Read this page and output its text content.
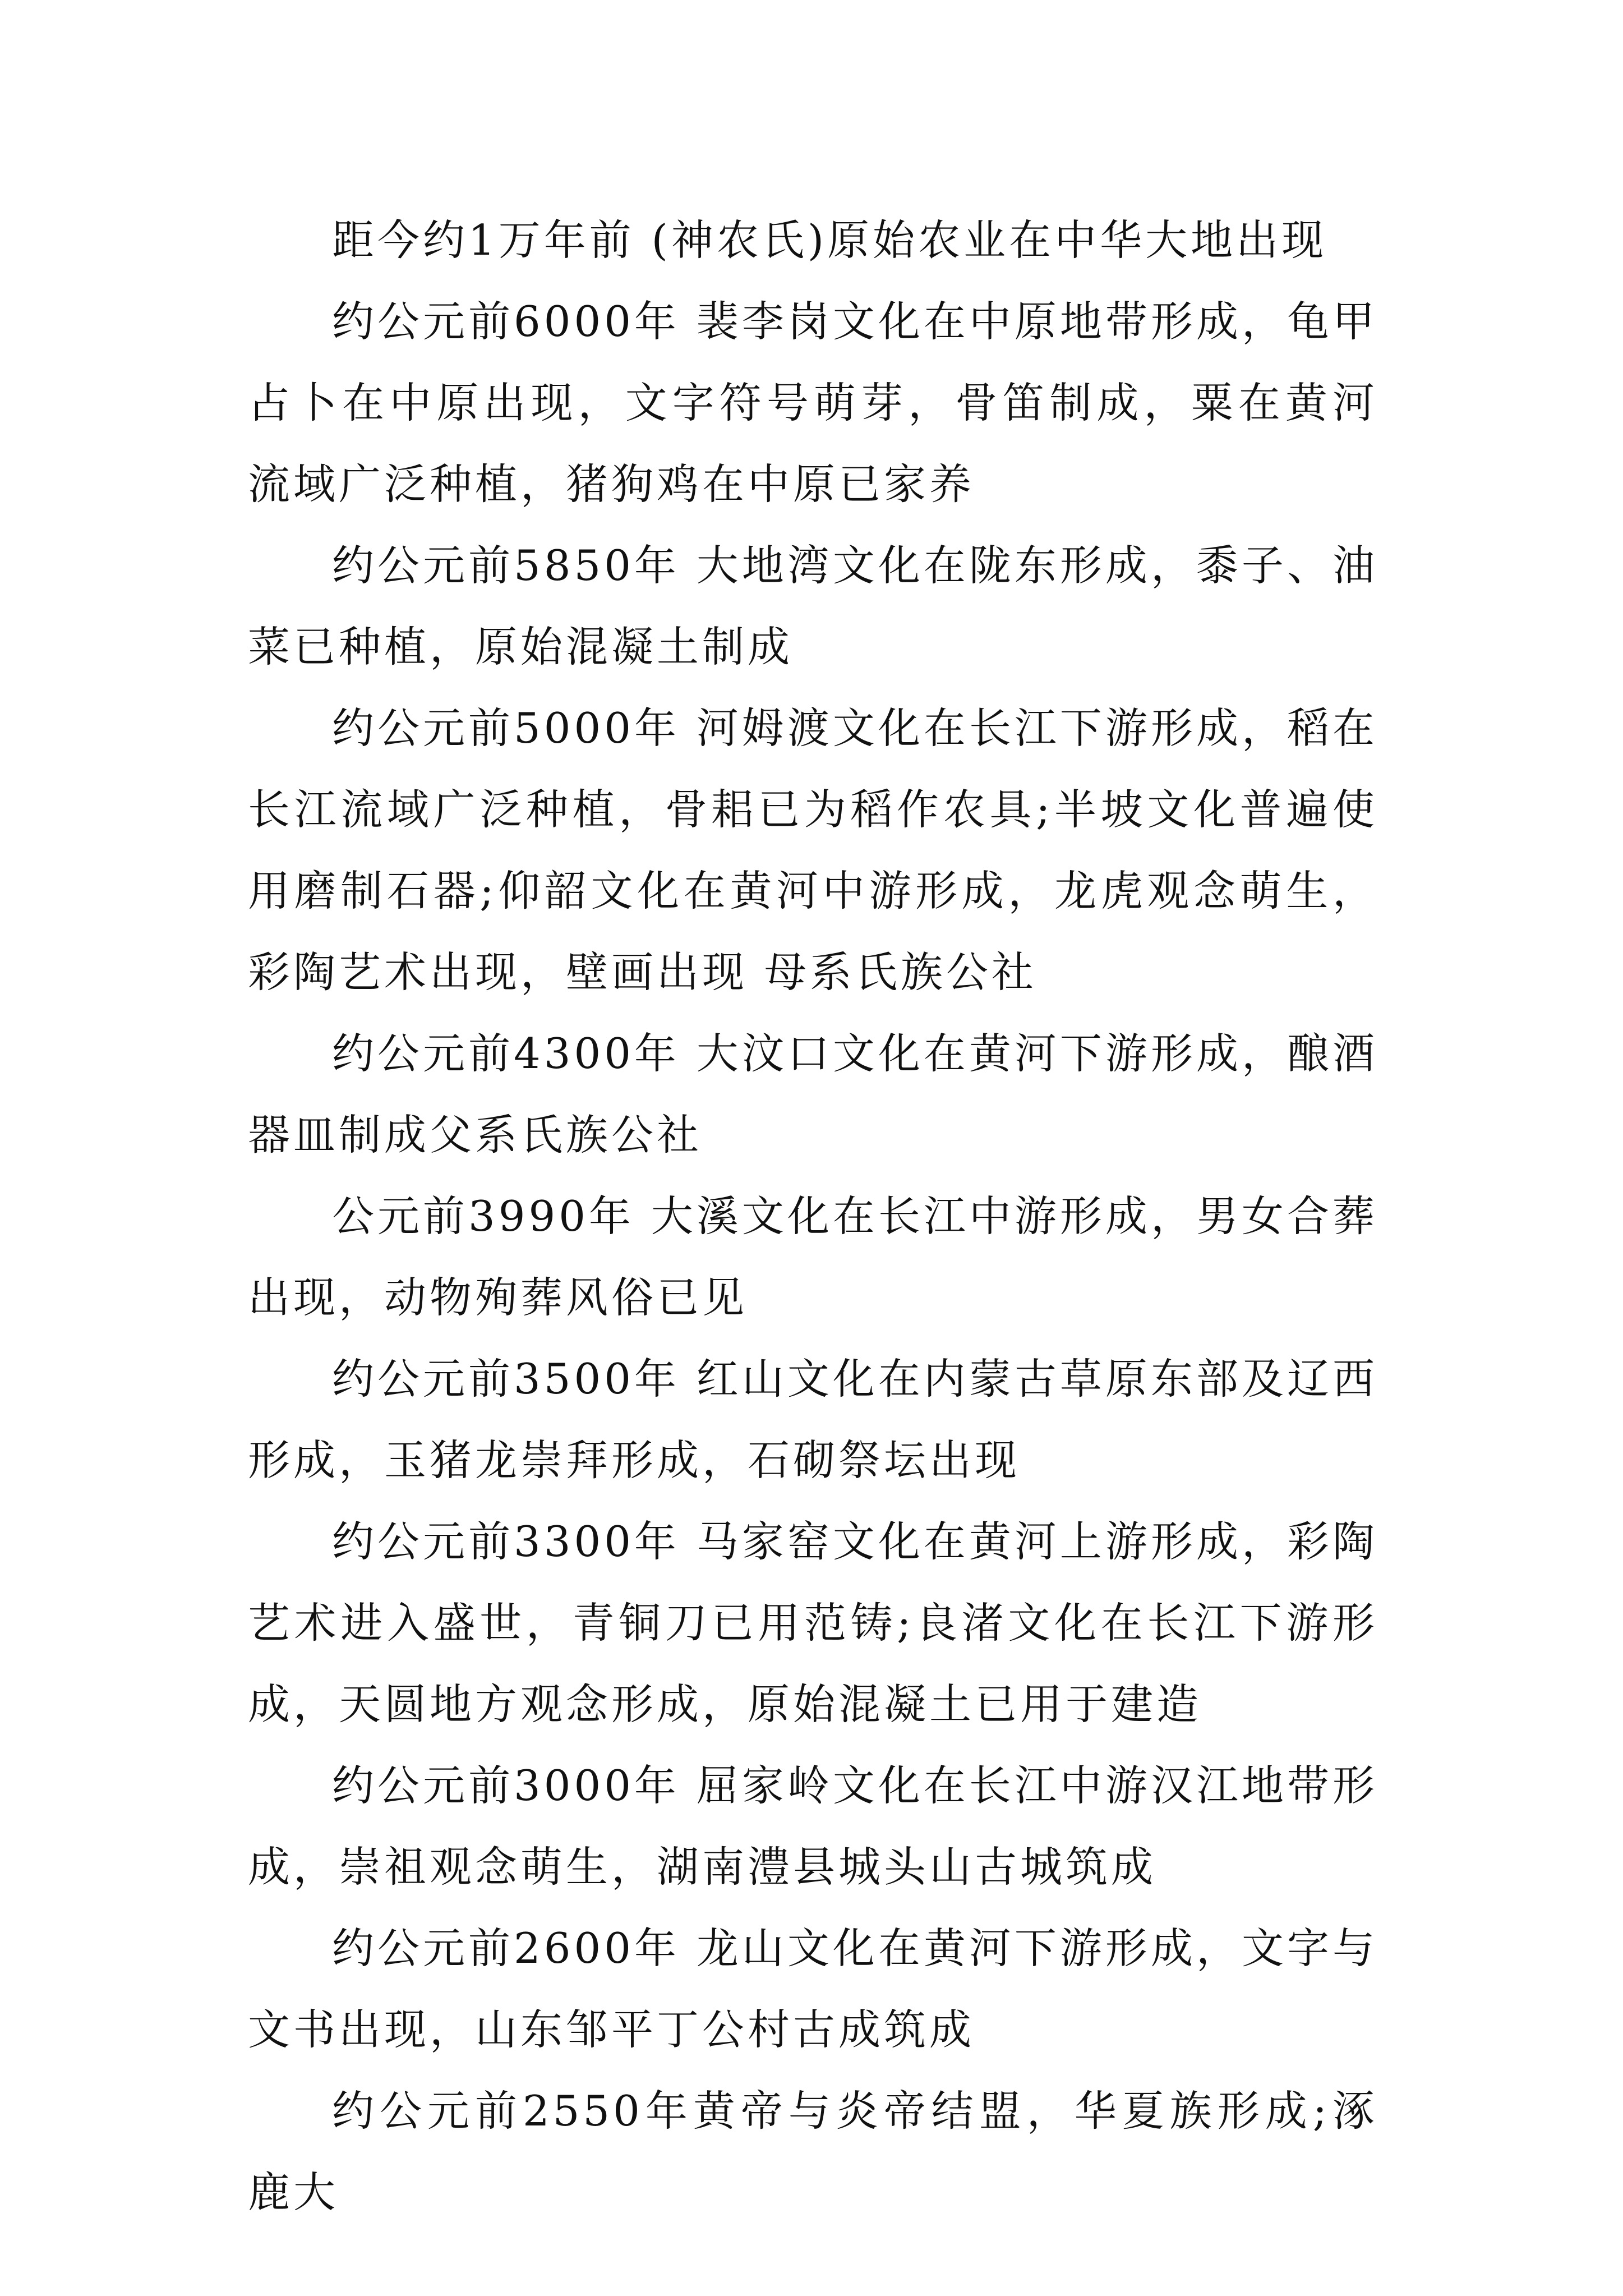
距今约1万年前 (神农氏)原始农业在中华大地出现

约公元前6000年 裴李岗文化在中原地带形成，龟甲占卜在中原出现，文字符号萌芽，骨笛制成，粟在黄河流域广泛种植，猪狗鸡在中原已家养

约公元前5850年 大地湾文化在陇东形成，黍子、油菜已种植，原始混凝土制成

约公元前5000年 河姆渡文化在长江下游形成，稻在长江流域广泛种植，骨耜已为稻作农具;半坡文化普遍使用磨制石器;仰韶文化在黄河中游形成，龙虎观念萌生，彩陶艺术出现，壁画出现 母系氏族公社

约公元前4300年 大汶口文化在黄河下游形成，酿酒器皿制成父系氏族公社

公元前3990年 大溪文化在长江中游形成，男女合葬出现，动物殉葬风俗已见

约公元前3500年 红山文化在内蒙古草原东部及辽西形成，玉猪龙崇拜形成，石砌祭坛出现

约公元前3300年 马家窑文化在黄河上游形成，彩陶艺术进入盛世，青铜刀已用范铸;良渚文化在长江下游形成，天圆地方观念形成，原始混凝土已用于建造

约公元前3000年 屈家岭文化在长江中游汉江地带形成，崇祖观念萌生，湖南澧县城头山古城筑成

约公元前2600年 龙山文化在黄河下游形成，文字与文书出现，山东邹平丁公村古成筑成

约公元前2550年黄帝与炎帝结盟，华夏族形成;涿鹿大
